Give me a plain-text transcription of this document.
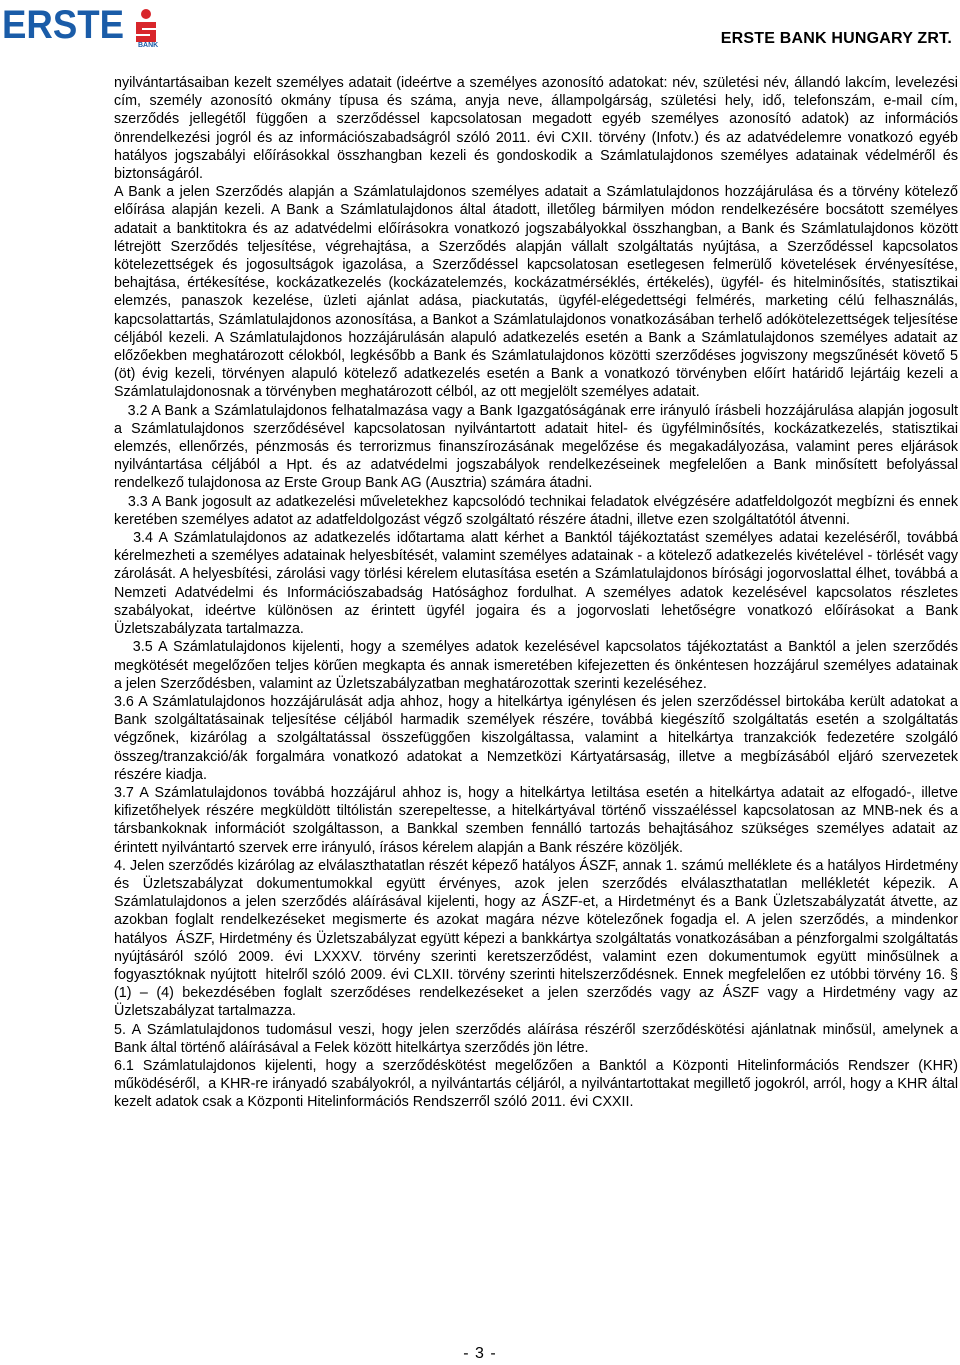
ERSTE BANK	ERSTE BANK HUNGARY ZRT.

nyilvántartásaiban kezelt személyes adatait (ideértve a személyes azonosító adatokat: név, születési név, állandó lakcím, levelezési cím, személy azonosító okmány típusa és száma, anyja neve, állampolgárság, születési hely, idő, telefonszám, e-mail cím, szerződés jellegétől függően a szerződéssel kapcsolatosan megadott egyéb személyes azonosító adatok) az információs önrendelkezési jogról és az információszabadságról szóló 2011. évi CXII. törvény (Infotv.) és az adatvédelemre vonatkozó egyéb hatályos jogszabályi előírásokkal összhangban kezeli és gondoskodik a Számlatulajdonos személyes adatainak védelméről és biztonságáról.

A Bank a jelen Szerződés alapján a Számlatulajdonos személyes adatait a Számlatulajdonos hozzájárulása és a törvény kötelező előírása alapján kezeli. A Bank a Számlatulajdonos által átadott, illetőleg bármilyen módon rendelkezésére bocsátott személyes adatait a banktitokra és az adatvédelmi előírásokra vonatkozó jogszabályokkal összhangban, a Bank és Számlatulajdonos között létrejött Szerződés teljesítése, végrehajtása, a Szerződés alapján vállalt szolgáltatás nyújtása, a Szerződéssel kapcsolatos kötelezettségek és jogosultságok igazolása, a Szerződéssel kapcsolatosan esetlegesen felmerülő követelések érvényesítése, behajtása, értékesítése, kockázatkezelés (kockázatelemzés, kockázatmérséklés, értékelés), ügyfél- és hitelminősítés, statisztikai elemzés, panaszok kezelése, üzleti ajánlat adása, piackutatás, ügyfél-elégedettségi felmérés, marketing célú felhasználás, kapcsolattartás, Számlatulajdonos azonosítása, a Bankot a Számlatulajdonos vonatkozásában terhelő adókötelezettségek teljesítése céljából kezeli. A Számlatulajdonos hozzájárulásán alapuló adatkezelés esetén a Bank a Számlatulajdonos személyes adatait az előzőekben meghatározott célokból, legkésőbb a Bank és Számlatulajdonos közötti szerződéses jogviszony megszűnését követő 5 (öt) évig kezeli, törvényen alapuló kötelező adatkezelés esetén a Bank a vonatkozó törvényben előírt határidő lejártáig kezeli a Számlatulajdonosnak a törvényben meghatározott célból, az ott megjelölt személyes adatait.

3.2 A Bank a Számlatulajdonos felhatalmazása vagy a Bank Igazgatóságának erre irányuló írásbeli hozzájárulása alapján jogosult a Számlatulajdonos szerződésével kapcsolatosan nyilvántartott adatait hitel- és ügyfélminősítés, kockázatkezelés, statisztikai elemzés, ellenőrzés, pénzmosás és terrorizmus finanszírozásának megelőzése és megakadályozása, valamint peres eljárások nyilvántartása céljából a Hpt. és az adatvédelmi jogszabályok rendelkezéseinek megfelelően a Bank minősített befolyással rendelkező tulajdonosa az Erste Group Bank AG (Ausztria) számára átadni.

3.3 A Bank jogosult az adatkezelési műveletekhez kapcsolódó technikai feladatok elvégzésére adatfeldolgozót megbízni és ennek keretében személyes adatot az adatfeldolgozást végző szolgáltató részére átadni, illetve ezen szolgáltatótól átvenni.

3.4 A Számlatulajdonos az adatkezelés időtartama alatt kérhet a Banktól tájékoztatást személyes adatai kezeléséről, továbbá kérelmezheti a személyes adatainak helyesbítését, valamint személyes adatainak - a kötelező adatkezelés kivételével - törlését vagy zárolását. A helyesbítési, zárolási vagy törlési kérelem elutasítása esetén a Számlatulajdonos bírósági jogorvoslattal élhet, továbbá a Nemzeti Adatvédelmi és Információszabadság Hatósághoz fordulhat. A személyes adatok kezelésével kapcsolatos részletes szabályokat, ideértve különösen az érintett ügyfél jogaira és a jogorvoslati lehetőségre vonatkozó előírásokat a Bank Üzletszabályzata tartalmazza.

3.5 A Számlatulajdonos kijelenti, hogy a személyes adatok kezelésével kapcsolatos tájékoztatást a Banktól a jelen szerződés megkötését megelőzően teljes körűen megkapta és annak ismeretében kifejezetten és önkéntesen hozzájárul személyes adatainak a jelen Szerződésben, valamint az Üzletszabályzatban meghatározottak szerinti kezeléséhez.

3.6 A Számlatulajdonos hozzájárulását adja ahhoz, hogy a hitelkártya igénylésen és jelen szerződéssel birtokába került adatokat a Bank szolgáltatásainak teljesítése céljából harmadik személyek részére, továbbá kiegészítő szolgáltatás esetén a szolgáltatás végzőnek, kizárólag a szolgáltatással összefüggően kiszolgáltassa, valamint a hitelkártya tranzakciók fedezetére szolgáló összeg/tranzakció/ák forgalmára vonatkozó adatokat a Nemzetközi Kártyatársaság, illetve a megbízásából eljáró szervezetek részére kiadja.

3.7 A Számlatulajdonos továbbá hozzájárul ahhoz is, hogy a hitelkártya letiltása esetén a hitelkártya adatait az elfogadó-, illetve kifizetőhelyek részére megküldött tiltólistán szerepeltesse, a hitelkártyával történő visszaéléssel kapcsolatosan az MNB-nek és a társbankoknak információt szolgáltasson, a Bankkal szemben fennálló tartozás behajtásához szükséges személyes adatait az érintett nyilvántartó szervek erre irányuló, írásos kérelem alapján a Bank részére közöljék.

4. Jelen szerződés kizárólag az elválaszthatatlan részét képező hatályos ÁSZF, annak 1. számú melléklete és a hatályos Hirdetmény és Üzletszabályzat dokumentumokkal együtt érvényes, azok jelen szerződés elválaszthatatlan mellékletét képezik. A Számlatulajdonos a jelen szerződés aláírásával kijelenti, hogy az ÁSZF-et, a Hirdetményt és a Bank Üzletszabályzatát átvette, az azokban foglalt rendelkezéseket megismerte és azokat magára nézve kötelezőnek fogadja el. A jelen szerződés, a mindenkor hatályos  ÁSZF, Hirdetmény és Üzletszabályzat együtt képezi a bankkártya szolgáltatás vonatkozásában a pénzforgalmi szolgáltatás nyújtásáról szóló 2009. évi LXXXV. törvény szerinti keretszerződést, valamint ezen dokumentumok együtt minősülnek a fogyasztóknak nyújtott  hitelről szóló 2009. évi CLXII. törvény szerinti hitelszerződésnek. Ennek megfelelően ez utóbbi törvény 16. § (1) – (4) bekezdésében foglalt szerződéses rendelkezéseket a jelen szerződés vagy az ÁSZF vagy a Hirdetmény vagy az Üzletszabályzat tartalmazza.

5. A Számlatulajdonos tudomásul veszi, hogy jelen szerződés aláírása részéről szerződéskötési ajánlatnak minősül, amelynek a Bank által történő aláírásával a Felek között hitelkártya szerződés jön létre.

6.1 Számlatulajdonos kijelenti, hogy a szerződéskötést megelőzően a Banktól a Központi Hitelinformációs Rendszer (KHR) működéséről,  a KHR-re irányadó szabályokról, a nyilvántartás céljáról, a nyilvántartottakat megillető jogokról, arról, hogy a KHR által kezelt adatok csak a Központi Hitelinformációs Rendszerről szóló 2011. évi CXXII.

- 3 -
